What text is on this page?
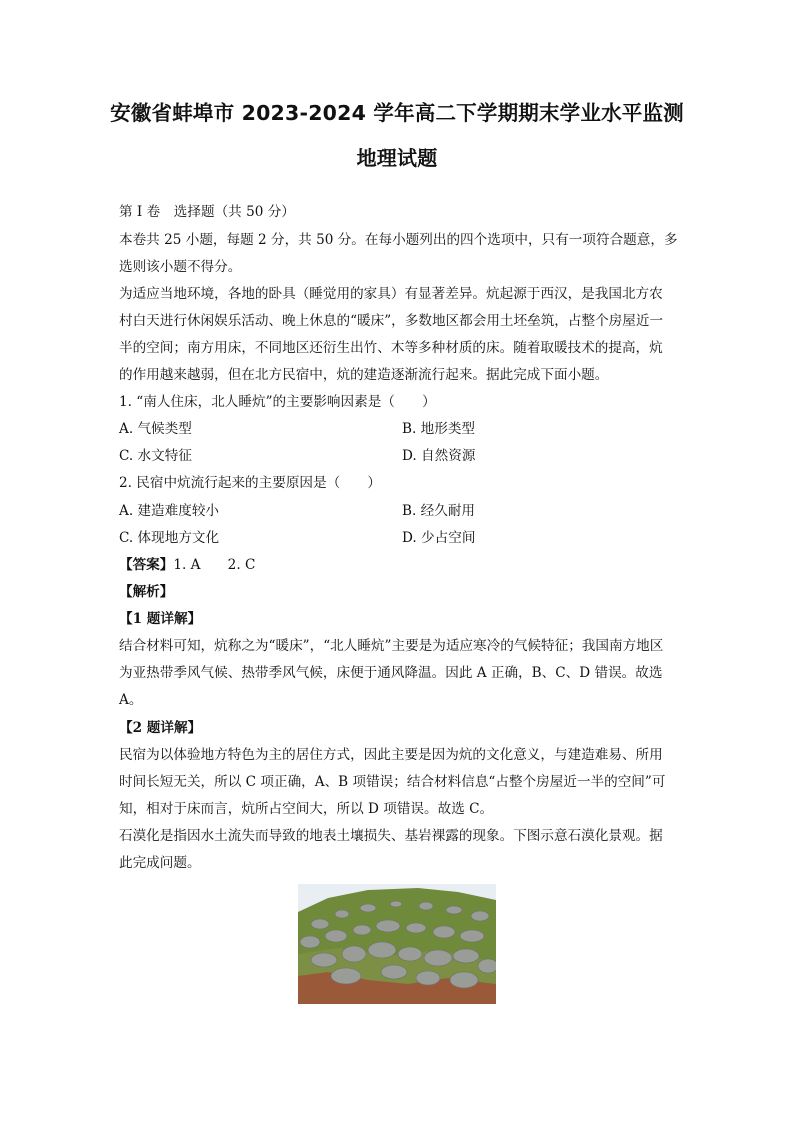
安徽省蚌埠市 2023-2024 学年高二下学期期末学业水平监测
地理试题
第 I 卷　选择题（共 50 分）
本卷共 25 小题，每题 2 分，共 50 分。在每小题列出的四个选项中，只有一项符合题意，多
选则该小题不得分。
为适应当地环境，各地的卧具（睡觉用的家具）有显著差异。炕起源于西汉，是我国北方农
村白天进行休闲娱乐活动、晚上休息的“暖床”，多数地区都会用土坯垒筑，占整个房屋近一
半的空间；南方用床，不同地区还衍生出竹、木等多种材质的床。随着取暖技术的提高，炕
的作用越来越弱，但在北方民宿中，炕的建造逐渐流行起来。据此完成下面小题。
1. “南人住床，北人睡炕”的主要影响因素是（　　）
A. 气候类型	B. 地形类型
C. 水文特征	D. 自然资源
2. 民宿中炕流行起来的主要原因是（　　）
A. 建造难度较小	B. 经久耐用
C. 体现地方文化	D. 少占空间
【答案】1. A　　2. C
【解析】
【1 题详解】
结合材料可知，炕称之为“暖床”，“北人睡炕”主要是为适应寒冷的气候特征；我国南方地区
为亚热带季风气候、热带季风气候，床便于通风降温。因此 A 正确，B、C、D 错误。故选
A。
【2 题详解】
民宿为以体验地方特色为主的居住方式，因此主要是因为炕的文化意义，与建造难易、所用
时间长短无关，所以 C 项正确，A、B 项错误；结合材料信息“占整个房屋近一半的空间”可
知，相对于床而言，炕所占空间大，所以 D 项错误。故选 C。
石漠化是指因水土流失而导致的地表土壤损失、基岩裸露的现象。下图示意石漠化景观。据
此完成问题。
